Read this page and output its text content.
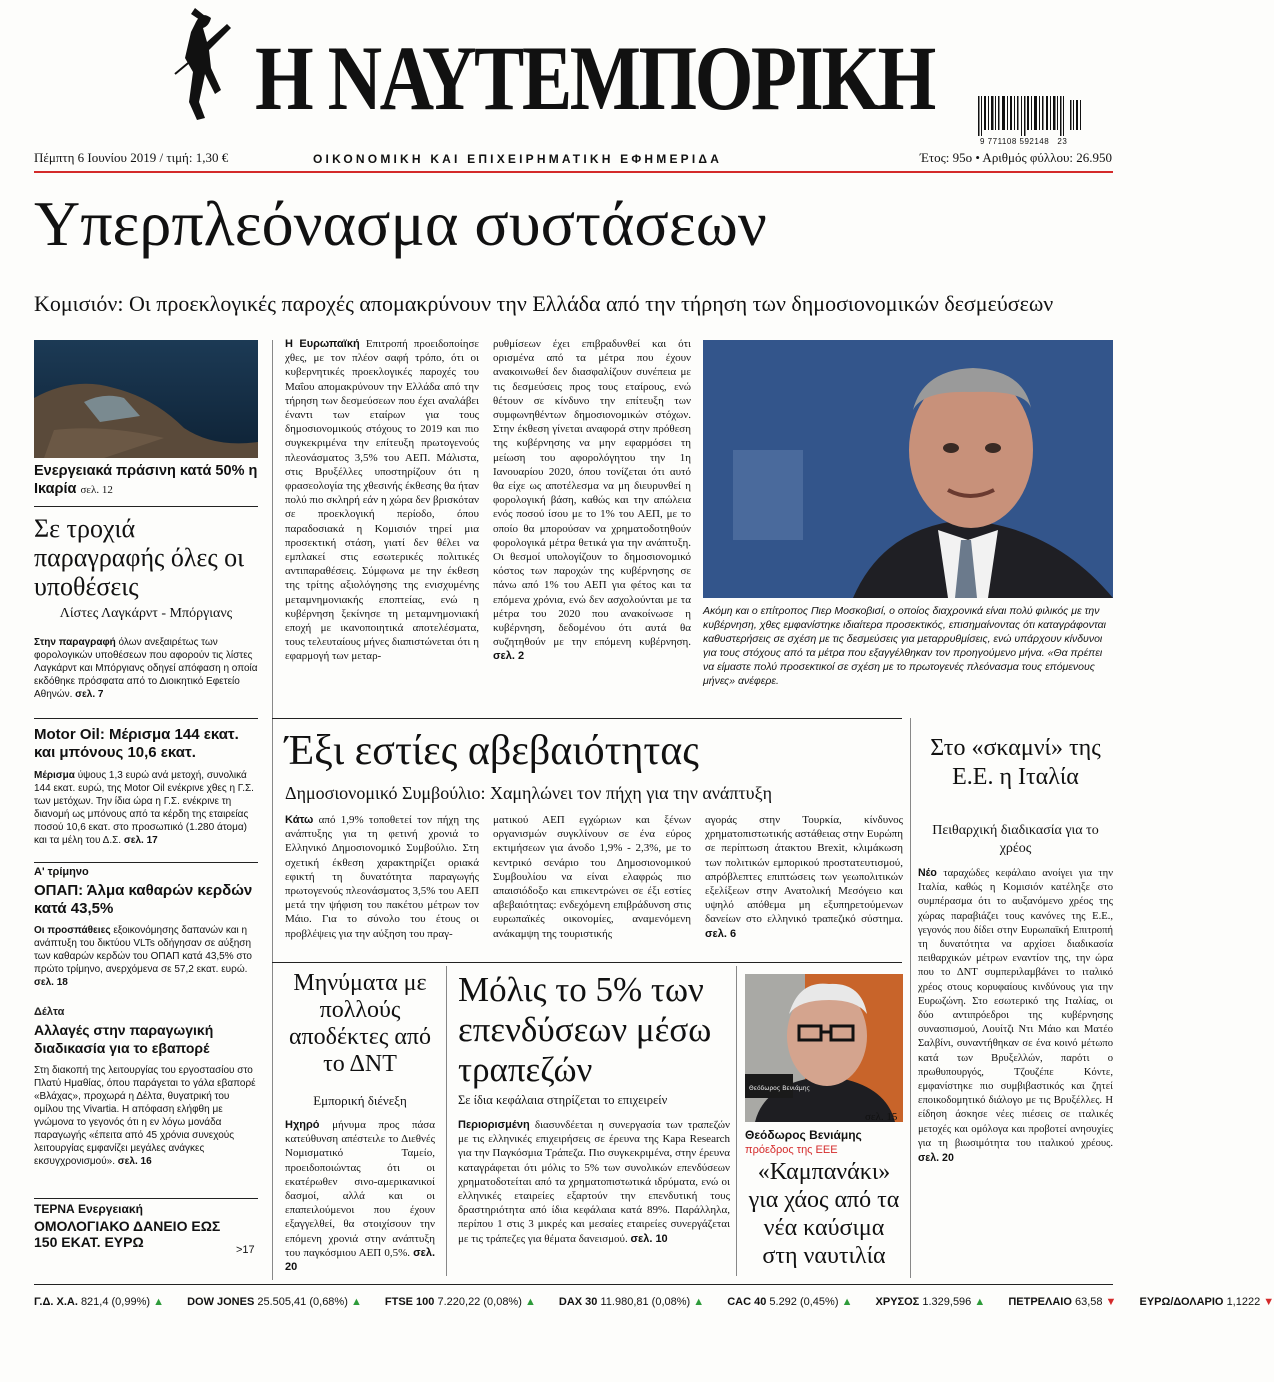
Η ΝΑΥΤΕΜΠΟΡΙΚΗ
9 771108 592148 23
Πέμπτη 6 Ιουνίου 2019 / τιμή: 1,30 €	ΟΙΚΟΝΟΜΙΚΗ ΚΑΙ ΕΠΙΧΕΙΡΗΜΑΤΙΚΗ ΕΦΗΜΕΡΙΔΑ	Έτος: 95ο • Αριθμός φύλλου: 26.950
Υπερπλεόνασμα συστάσεων
Κομισιόν: Οι προεκλογικές παροχές απομακρύνουν την Ελλάδα από την τήρηση των δημοσιονομικών δεσμεύσεων
Ενεργειακά πράσινη κατά 50% η Ικαρία σελ. 12
Σε τροχιά παραγραφής όλες οι υποθέσεις
Λίστες Λαγκάρντ - Μπόργιανς
Στην παραγραφή όλων ανεξαιρέτως των φορολογικών υποθέσεων που αφορούν τις λίστες Λαγκάρντ και Μπόργιανς οδηγεί απόφαση η οποία εκδόθηκε πρόσφατα από το Διοικητικό Εφετείο Αθηνών. σελ. 7
Motor Oil: Μέρισμα 144 εκατ. και μπόνους 10,6 εκατ.
Μέρισμα ύψους 1,3 ευρώ ανά μετοχή, συνολικά 144 εκατ. ευρώ, της Motor Oil ενέκρινε χθες η Γ.Σ. των μετόχων. Την ίδια ώρα η Γ.Σ. ενέκρινε τη διανομή ως μπόνους από τα κέρδη της εταιρείας ποσού 10,6 εκατ. στο προσωπικό (1.280 άτομα) και τα μέλη του Δ.Σ. σελ. 17
Α' τρίμηνο
ΟΠΑΠ: Άλμα καθαρών κερδών κατά 43,5%
Οι προσπάθειες εξοικονόμησης δαπανών και η ανάπτυξη του δικτύου VLTs οδήγησαν σε αύξηση των καθαρών κερδών του ΟΠΑΠ κατά 43,5% στο πρώτο τρίμηνο, ανερχόμενα σε 57,2 εκατ. ευρώ. σελ. 18
Δέλτα
Αλλαγές στην παραγωγική διαδικασία για το εβαπορέ
Στη διακοπή της λειτουργίας του εργοστασίου στο Πλατύ Ημαθίας, όπου παράγεται το γάλα εβαπορέ «Βλάχας», προχωρά η Δέλτα, θυγατρική του ομίλου της Vivartia. Η απόφαση ελήφθη με γνώμονα το γεγονός ότι η εν λόγω μονάδα παραγωγής «έπειτα από 45 χρόνια συνεχούς λειτουργίας εμφανίζει μεγάλες ανάγκες εκσυγχρονισμού». σελ. 16
ΤΕΡΝΑ Ενεργειακή
ΟΜΟΛΟΓΙΑΚΟ ΔΑΝΕΙΟ ΕΩΣ 150 ΕΚΑΤ. ΕΥΡΩ	>17
Η Ευρωπαϊκή Επιτροπή προειδοποίησε χθες, με τον πλέον σαφή τρόπο, ότι οι κυβερνητικές προεκλογικές παροχές του Μαΐου απομακρύνουν την Ελλάδα από την τήρηση των δεσμεύσεων που έχει αναλάβει έναντι των εταίρων για τους δημοσιονομικούς στόχους το 2019 και πιο συγκεκριμένα την επίτευξη πρωτογενούς πλεονάσματος 3,5% του ΑΕΠ. Μάλιστα, στις Βρυξέλλες υποστηρίζουν ότι η φρασεολογία της χθεσινής έκθεσης θα ήταν πολύ πιο σκληρή εάν η χώρα δεν βρισκόταν σε προεκλογική περίοδο, όπου παραδοσιακά η Κομισιόν τηρεί μια προσεκτική στάση, γιατί δεν θέλει να εμπλακεί στις εσωτερικές πολιτικές αντιπαραθέσεις. Σύμφωνα με την έκθεση της τρίτης αξιολόγησης της ενισχυμένης μεταμνημονιακής εποπτείας, ενώ η κυβέρνηση ξεκίνησε τη μεταμνημονιακή εποχή με ικανοποιητικά αποτελέσματα, τους τελευταίους μήνες διαπιστώνεται ότι η εφαρμογή των μεταρ-
ρυθμίσεων έχει επιβραδυνθεί και ότι ορισμένα από τα μέτρα που έχουν ανακοινωθεί δεν διασφαλίζουν συνέπεια με τις δεσμεύσεις προς τους εταίρους, ενώ θέτουν σε κίνδυνο την επίτευξη των συμφωνηθέντων δημοσιονομικών στόχων. Στην έκθεση γίνεται αναφορά στην πρόθεση της κυβέρνησης να μην εφαρμόσει τη μείωση του αφορολόγητου την 1η Ιανουαρίου 2020, όπου τονίζεται ότι αυτό θα είχε ως αποτέλεσμα να μη διευρυνθεί η φορολογική βάση, καθώς και την απώλεια ενός ποσού ίσου με το 1% του ΑΕΠ, με το οποίο θα μπορούσαν να χρηματοδοτηθούν φορολογικά μέτρα θετικά για την ανάπτυξη. Οι θεσμοί υπολογίζουν το δημοσιονομικό κόστος των παροχών της κυβέρνησης σε πάνω από 1% του ΑΕΠ για φέτος και τα επόμενα χρόνια, ενώ δεν ασχολούνται με τα μέτρα του 2020 που ανακοίνωσε η κυβέρνηση, δεδομένου ότι αυτά θα συζητηθούν με την επόμενη κυβέρνηση. σελ. 2
Ακόμη και ο επίτροπος Πιερ Μοσκοβισί, ο οποίος διαχρονικά είναι πολύ φιλικός με την κυβέρνηση, χθες εμφανίστηκε ιδιαίτερα προσεκτικός, επισημαίνοντας ότι καταγράφονται καθυστερήσεις σε σχέση με τις δεσμεύσεις για μεταρρυθμίσεις, ενώ υπάρχουν κίνδυνοι για τους στόχους από τα μέτρα που εξαγγέλθηκαν τον προηγούμενο μήνα. «Θα πρέπει να είμαστε πολύ προσεκτικοί σε σχέση με το πρωτογενές πλεόνασμα τους επόμενους μήνες» ανέφερε.
Έξι εστίες αβεβαιότητας
Δημοσιονομικό Συμβούλιο: Χαμηλώνει τον πήχη για την ανάπτυξη
Κάτω από 1,9% τοποθετεί τον πήχη της ανάπτυξης για τη φετινή χρονιά το Ελληνικό Δημοσιονομικό Συμβούλιο. Στη σχετική έκθεση χαρακτηρίζει οριακά εφικτή τη δυνατότητα παραγωγής πρωτογενούς πλεονάσματος 3,5% του ΑΕΠ μετά την ψήφιση του πακέτου μέτρων τον Μάιο. Για το σύνολο του έτους οι προβλέψεις για την αύξηση του πραγ-
ματικού ΑΕΠ εγχώριων και ξένων οργανισμών συγκλίνουν σε ένα εύρος εκτιμήσεων για άνοδο 1,9% - 2,3%, με το κεντρικό σενάριο του Δημοσιονομικού Συμβουλίου να είναι ελαφρώς πιο απαισιόδοξο και επικεντρώνει σε έξι εστίες αβεβαιότητας: ενδεχόμενη επιβράδυνση στις ευρωπαϊκές οικονομίες, αναμενόμενη ανάκαμψη της τουριστικής
αγοράς στην Τουρκία, κίνδυνος χρηματοπιστωτικής αστάθειας στην Ευρώπη σε περίπτωση άτακτου Brexit, κλιμάκωση των πολιτικών εμπορικού προστατευτισμού, απρόβλεπτες επιπτώσεις των γεωπολιτικών εξελίξεων στην Ανατολική Μεσόγειο και υψηλό απόθεμα μη εξυπηρετούμενων δανείων στο ελληνικό τραπεζικό σύστημα. σελ. 6
Στο «σκαμνί» της Ε.Ε. η Ιταλία
Πειθαρχική διαδικασία για το χρέος
Νέο ταραχώδες κεφάλαιο ανοίγει για την Ιταλία, καθώς η Κομισιόν κατέληξε στο συμπέρασμα ότι το αυξανόμενο χρέος της χώρας παραβιάζει τους κανόνες της Ε.Ε., γεγονός που δίδει στην Ευρωπαϊκή Επιτροπή τη δυνατότητα να αρχίσει διαδικασία πειθαρχικών μέτρων εναντίον της, την ώρα που το ΔΝΤ συμπεριλαμβάνει το ιταλικό χρέος στους κορυφαίους κινδύνους για την Ευρωζώνη. Στο εσωτερικό της Ιταλίας, οι δύο αντιπρόεδροι της κυβέρνησης συνασπισμού, Λουίτζι Ντι Μάιο και Ματέο Σαλβίνι, συναντήθηκαν σε ένα κοινό μέτωπο κατά των Βρυξελλών, παρότι ο πρωθυπουργός, Τζουζέπε Κόντε, εμφανίστηκε πιο συμβιβαστικός και ζητεί εποικοδομητικό διάλογο με τις Βρυξέλλες. Η είδηση άσκησε νέες πιέσεις σε ιταλικές μετοχές και ομόλογα και προβοτεί ανησυχίες για τη βιωσιμότητα του ιταλικού χρέους. σελ. 20
Μηνύματα με πολλούς αποδέκτες από το ΔΝΤ
Εμπορική διένεξη
Ηχηρό μήνυμα προς πάσα κατεύθυνση απέστειλε το Διεθνές Νομισματικό Ταμείο, προειδοποιώντας ότι οι εκατέρωθεν σινο-αμερικανικοί δασμοί, αλλά και οι επαπειλούμενοι που έχουν εξαγγελθεί, θα στοιχίσουν την επόμενη χρονιά στην ανάπτυξη του παγκόσμιου ΑΕΠ 0,5%. σελ. 20
Μόλις το 5% των επενδύσεων μέσω τραπεζών
Σε ίδια κεφάλαια στηρίζεται το επιχειρείν
Περιορισμένη διασυνδέεται η συνεργασία των τραπεζών με τις ελληνικές επιχειρήσεις σε έρευνα της Kapa Research για την Παγκόσμια Τράπεζα. Πιο συγκεκριμένα, στην έρευνα καταγράφεται ότι μόλις το 5% των συνολικών επενδύσεων χρηματοδοτείται από τα χρηματοπιστωτικά ιδρύματα, ενώ οι ελληνικές εταιρείες εξαρτούν την επενδυτική τους δραστηριότητα από ίδια κεφάλαια κατά 89%. Παράλληλα, περίπου 1 στις 3 μικρές και μεσαίες εταιρείες συνεργάζεται με τις τράπεζες για θέματα δανεισμού. σελ. 10
Θεόδωρος Βενιάμης
σελ. 15
Θεόδωρος Βενιάμης
πρόεδρος της ΕΕΕ
«Καμπανάκι» για χάος από τα νέα καύσιμα στη ναυτιλία
Γ.Δ. Χ.Α. 821,4 (0,99%) ▲ DOW JONES 25.505,41 (0,68%) ▲ FTSE 100 7.220,22 (0,08%) ▲ DAX 30 11.980,81 (0,08%) ▲ CAC 40 5.292 (0,45%) ▲ ΧΡΥΣΟΣ 1.329,596 ▲ ΠΕΤΡΕΛΑΙΟ 63,58 ▼ ΕΥΡΩ/ΔΟΛΑΡΙΟ 1,1222 ▼
